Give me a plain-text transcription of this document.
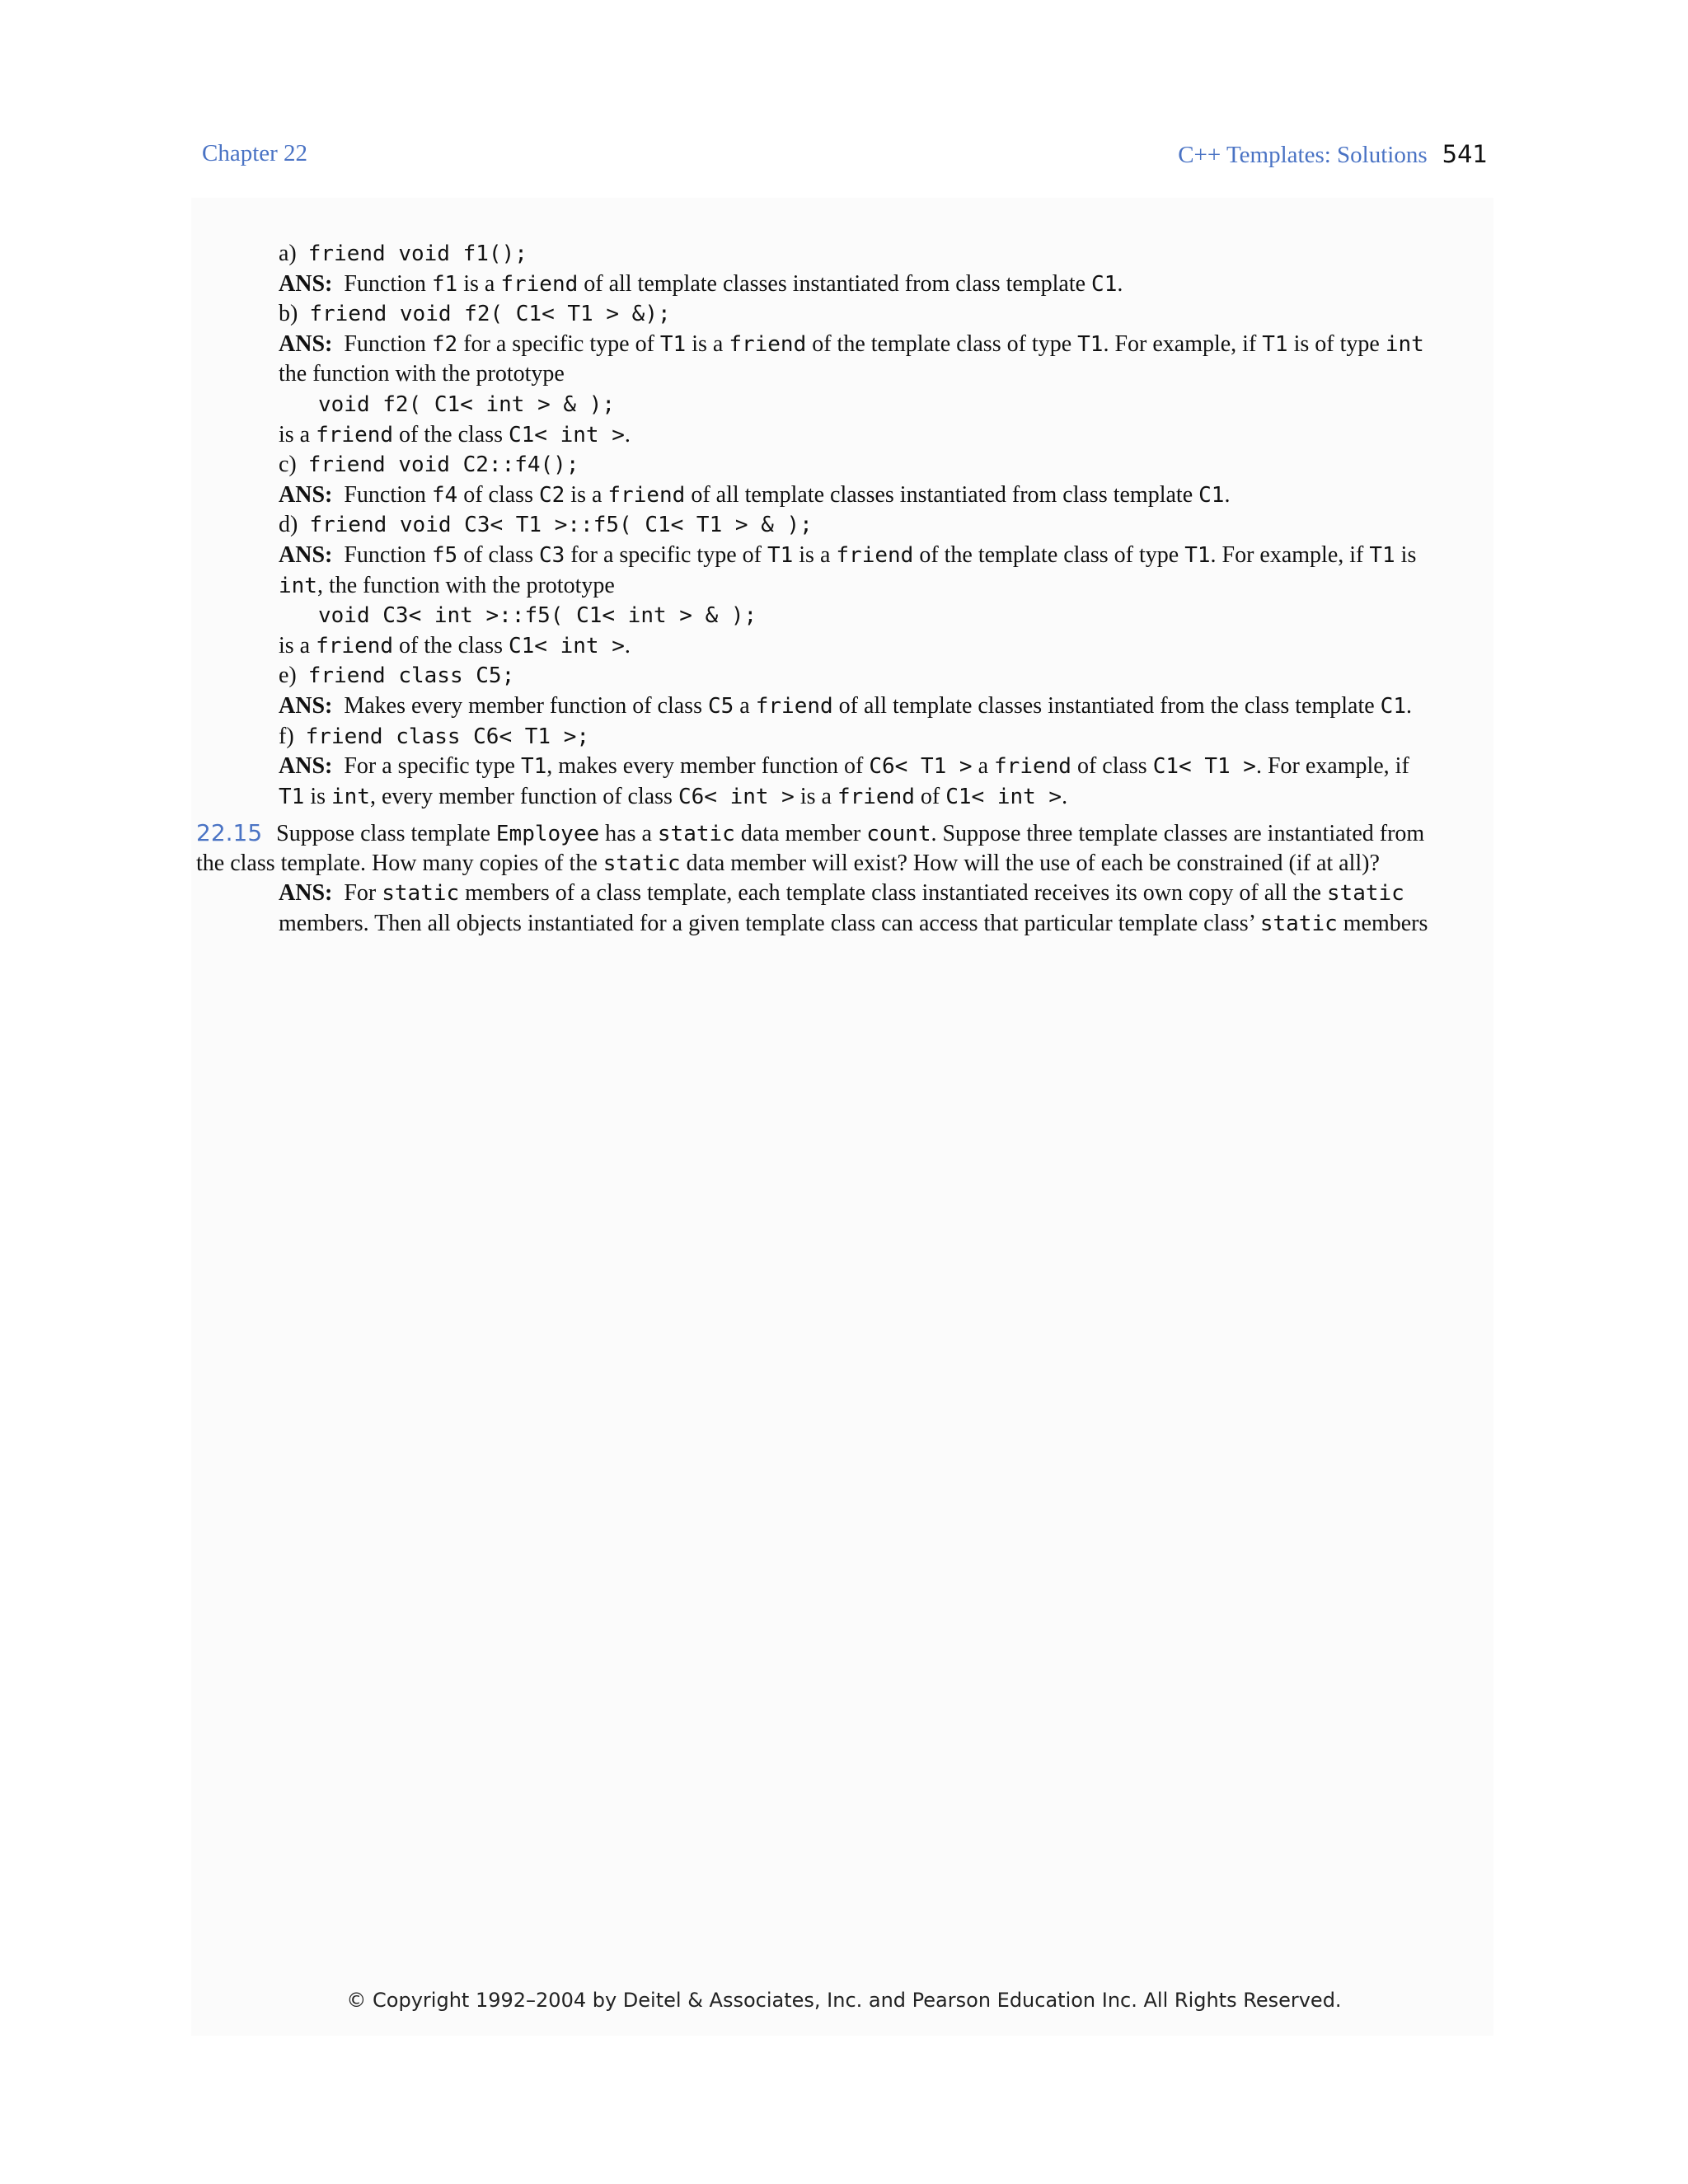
Chapter 22	C++ Templates: Solutions 541
a) friend void f1();
ANS: Function f1 is a friend of all template classes instantiated from class template C1.
b) friend void f2( C1< T1 > &);
ANS: Function f2 for a specific type of T1 is a friend of the template class of type T1. For example, if T1 is of type int
the function with the prototype
void f2( C1< int > & );
is a friend of the class C1< int >.
c) friend void C2::f4();
ANS: Function f4 of class C2 is a friend of all template classes instantiated from class template C1.
d) friend void C3< T1 >::f5( C1< T1 > & );
ANS: Function f5 of class C3 for a specific type of T1 is a friend of the template class of type T1. For example, if T1 is
int, the function with the prototype
void C3< int >::f5( C1< int > & );
is a friend of the class C1< int >.
e) friend class C5;
ANS: Makes every member function of class C5 a friend of all template classes instantiated from the class template C1.
f) friend class C6< T1 >;
ANS: For a specific type T1, makes every member function of C6< T1 > a friend of class C1< T1 >. For example, if
T1 is int, every member function of class C6< int > is a friend of C1< int >.
22.15 Suppose class template Employee has a static data member count. Suppose three template classes are instantiated from
the class template. How many copies of the static data member will exist? How will the use of each be constrained (if at all)?
ANS: For static members of a class template, each template class instantiated receives its own copy of all the static
members. Then all objects instantiated for a given template class can access that particular template class’ static members
© Copyright 1992–2004 by Deitel & Associates, Inc. and Pearson Education Inc. All Rights Reserved.
